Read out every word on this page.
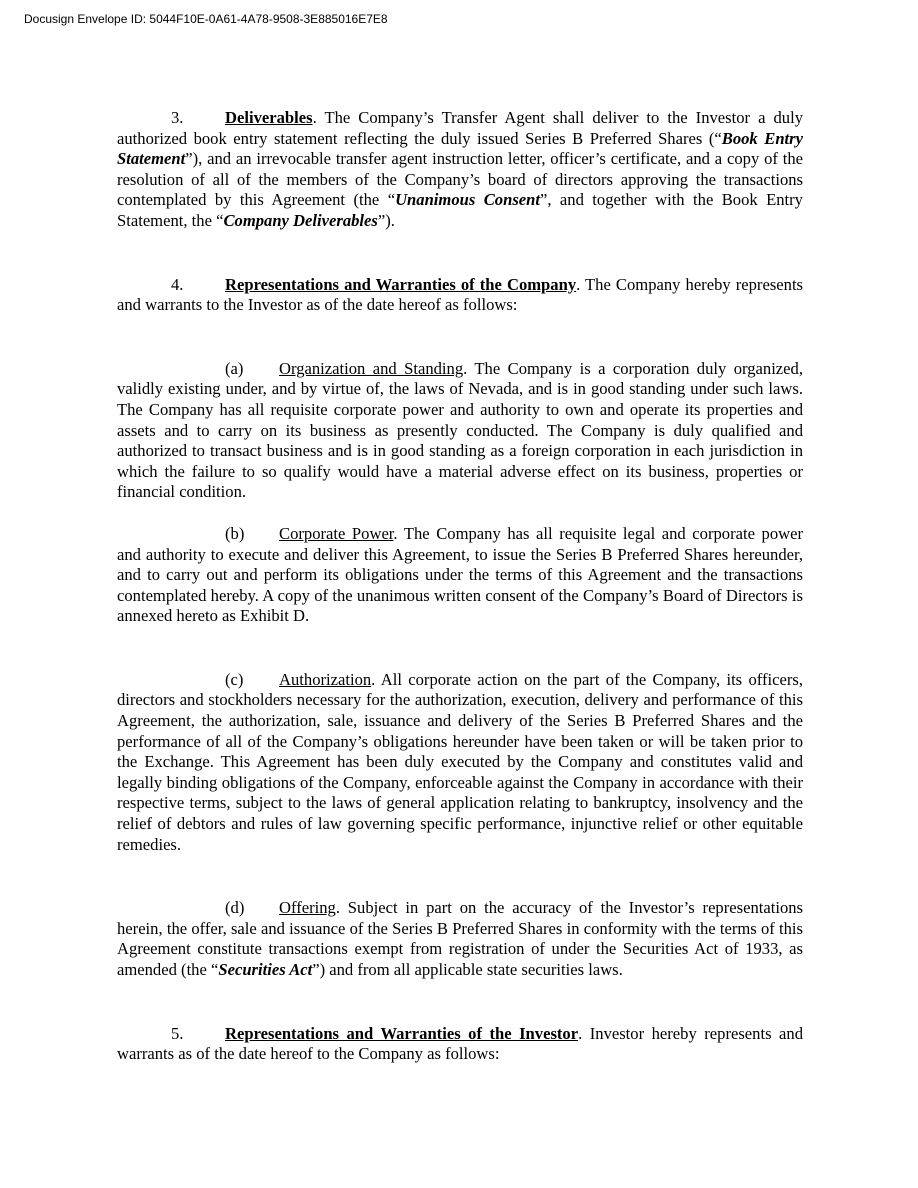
Docusign Envelope ID: 5044F10E-0A61-4A78-9508-3E885016E7E8

3.	Deliverables. The Company’s Transfer Agent shall deliver to the Investor a duly authorized book entry statement reflecting the duly issued Series B Preferred Shares (“Book Entry Statement”), and an irrevocable transfer agent instruction letter, officer’s certificate, and a copy of the resolution of all of the members of the Company’s board of directors approving the transactions contemplated by this Agreement (the “Unanimous Consent”, and together with the Book Entry Statement, the “Company Deliverables”).

4.	Representations and Warranties of the Company. The Company hereby represents and warrants to the Investor as of the date hereof as follows:

(a) Organization and Standing. The Company is a corporation duly organized, validly existing under, and by virtue of, the laws of Nevada, and is in good standing under such laws. The Company has all requisite corporate power and authority to own and operate its properties and assets and to carry on its business as presently conducted. The Company is duly qualified and authorized to transact business and is in good standing as a foreign corporation in each jurisdiction in which the failure to so qualify would have a material adverse effect on its business, properties or financial condition.

(b) Corporate Power. The Company has all requisite legal and corporate power and authority to execute and deliver this Agreement, to issue the Series B Preferred Shares hereunder, and to carry out and perform its obligations under the terms of this Agreement and the transactions contemplated hereby. A copy of the unanimous written consent of the Company’s Board of Directors is annexed hereto as Exhibit D.

(c) Authorization. All corporate action on the part of the Company, its officers, directors and stockholders necessary for the authorization, execution, delivery and performance of this Agreement, the authorization, sale, issuance and delivery of the Series B Preferred Shares and the performance of all of the Company’s obligations hereunder have been taken or will be taken prior to the Exchange. This Agreement has been duly executed by the Company and constitutes valid and legally binding obligations of the Company, enforceable against the Company in accordance with their respective terms, subject to the laws of general application relating to bankruptcy, insolvency and the relief of debtors and rules of law governing specific performance, injunctive relief or other equitable remedies.

(d) Offering. Subject in part on the accuracy of the Investor’s representations herein, the offer, sale and issuance of the Series B Preferred Shares in conformity with the terms of this Agreement constitute transactions exempt from registration of under the Securities Act of 1933, as amended (the “Securities Act”) and from all applicable state securities laws.

5.	Representations and Warranties of the Investor. Investor hereby represents and warrants as of the date hereof to the Company as follows:
